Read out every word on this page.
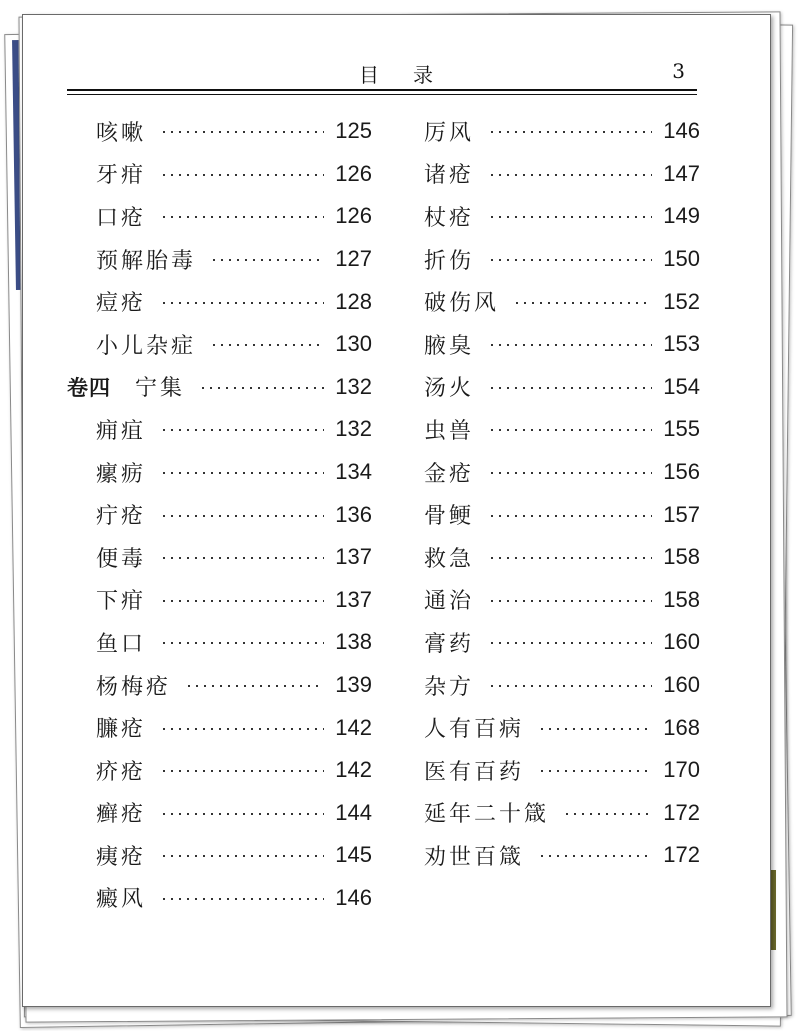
目录	3
咳嗽	125
牙疳	126
口疮	126
预解胎毒	127
痘疮	128
小儿杂症	130
卷四	宁集	132
痈疽	132
瘰疬	134
疔疮	136
便毒	137
下疳	137
鱼口	138
杨梅疮	139
臁疮	142
疥疮	142
癣疮	144
痍疮	145
癜风	146
厉风	146
诸疮	147
杖疮	149
折伤	150
破伤风	152
腋臭	153
汤火	154
虫兽	155
金疮	156
骨鲠	157
救急	158
通治	158
膏药	160
杂方	160
人有百病	168
医有百药	170
延年二十箴	172
劝世百箴	172
